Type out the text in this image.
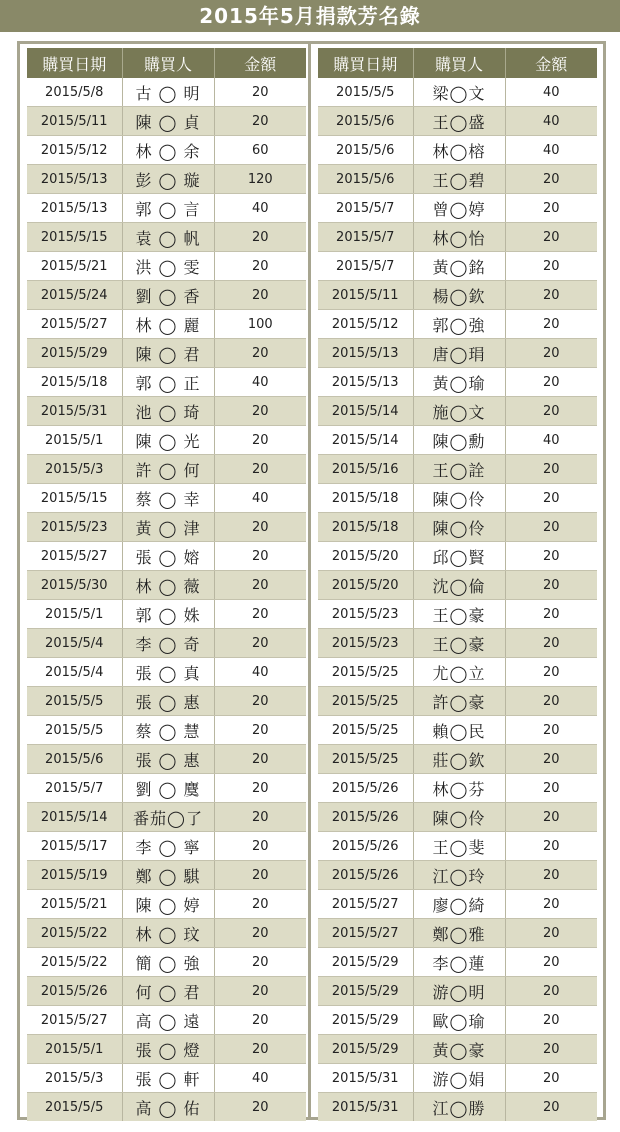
2015年5月捐款芳名錄
購買日期	購買人	金額
2015/5/8	古 ◯ 明	20
2015/5/11	陳 ◯ 貞	20
2015/5/12	林 ◯ 余	60
2015/5/13	彭 ◯ 璇	120
2015/5/13	郭 ◯ 言	40
2015/5/15	袁 ◯ 帆	20
2015/5/21	洪 ◯ 雯	20
2015/5/24	劉 ◯ 香	20
2015/5/27	林 ◯ 麗	100
2015/5/29	陳 ◯ 君	20
2015/5/18	郭 ◯ 正	40
2015/5/31	池 ◯ 琦	20
2015/5/1	陳 ◯ 光	20
2015/5/3	許 ◯ 何	20
2015/5/15	蔡 ◯ 幸	40
2015/5/23	黃 ◯ 津	20
2015/5/27	張 ◯ 嫆	20
2015/5/30	林 ◯ 薇	20
2015/5/1	郭 ◯ 姝	20
2015/5/4	李 ◯ 奇	20
2015/5/4	張 ◯ 真	40
2015/5/5	張 ◯ 惠	20
2015/5/5	蔡 ◯ 慧	20
2015/5/6	張 ◯ 惠	20
2015/5/7	劉 ◯ 麌	20
2015/5/14	番茄◯了	20
2015/5/17	李 ◯ 寧	20
2015/5/19	鄭 ◯ 騏	20
2015/5/21	陳 ◯ 婷	20
2015/5/22	林 ◯ 玟	20
2015/5/22	簡 ◯ 強	20
2015/5/26	何 ◯ 君	20
2015/5/27	高 ◯ 遠	20
2015/5/1	張 ◯ 燈	20
2015/5/3	張 ◯ 軒	40
2015/5/5	高 ◯ 佑	20
購買日期	購買人	金額
2015/5/5	梁◯文	40
2015/5/6	王◯盛	40
2015/5/6	林◯榕	40
2015/5/6	王◯碧	20
2015/5/7	曾◯婷	20
2015/5/7	林◯怡	20
2015/5/7	黃◯銘	20
2015/5/11	楊◯欽	20
2015/5/12	郭◯強	20
2015/5/13	唐◯琄	20
2015/5/13	黃◯瑜	20
2015/5/14	施◯文	20
2015/5/14	陳◯勳	40
2015/5/16	王◯詮	20
2015/5/18	陳◯伶	20
2015/5/18	陳◯伶	20
2015/5/20	邱◯賢	20
2015/5/20	沈◯倫	20
2015/5/23	王◯豪	20
2015/5/23	王◯豪	20
2015/5/25	尤◯立	20
2015/5/25	許◯豪	20
2015/5/25	賴◯民	20
2015/5/25	莊◯欽	20
2015/5/26	林◯芬	20
2015/5/26	陳◯伶	20
2015/5/26	王◯斐	20
2015/5/26	江◯玲	20
2015/5/27	廖◯綺	20
2015/5/27	鄭◯雅	20
2015/5/29	李◯蓮	20
2015/5/29	游◯明	20
2015/5/29	歐◯瑜	20
2015/5/29	黃◯豪	20
2015/5/31	游◯娟	20
2015/5/31	江◯勝	20
